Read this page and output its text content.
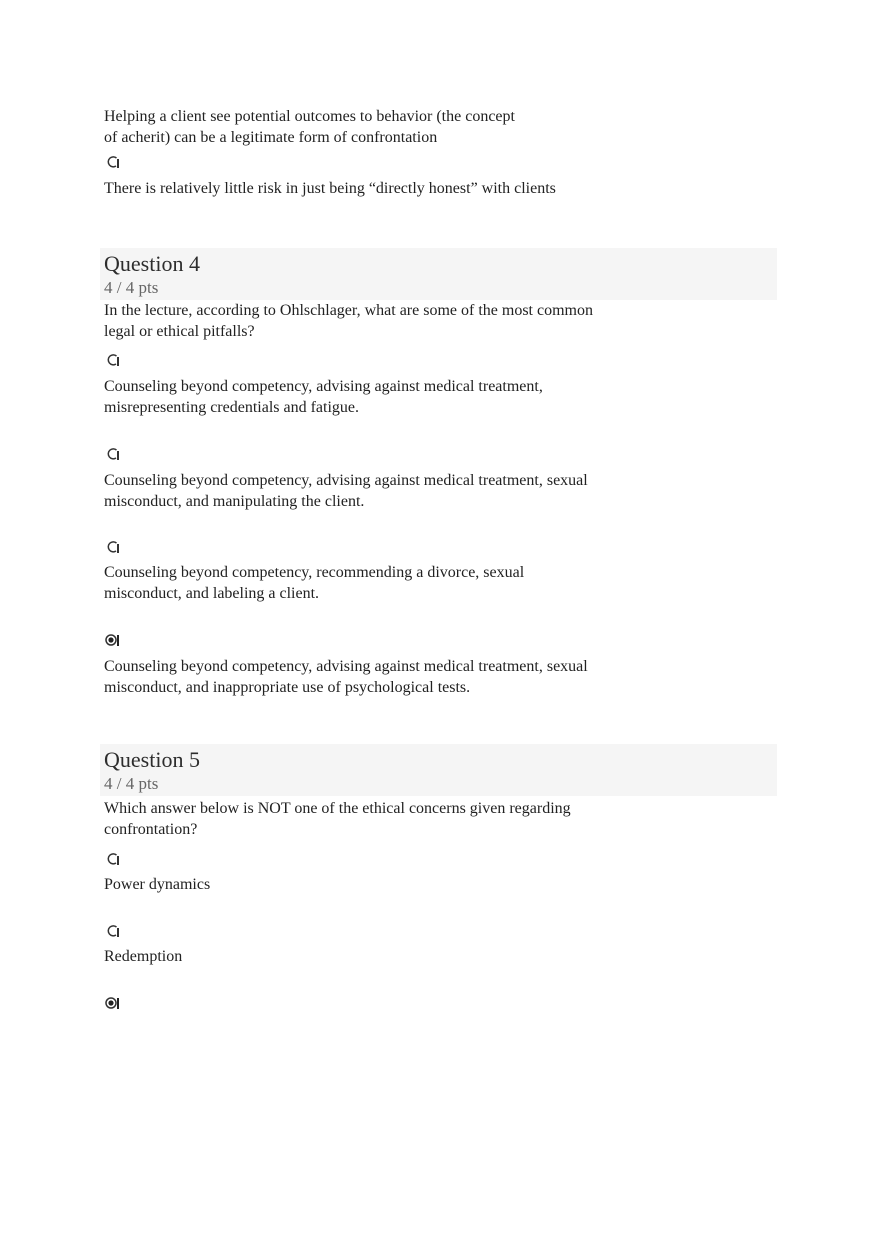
Helping a client see potential outcomes to behavior (the concept
of acherit) can be a legitimate form of confrontation
There is relatively little risk in just being “directly honest” with clients
Question 4
4 / 4 pts
In the lecture, according to Ohlschlager, what are some of the most common
legal or ethical pitfalls?
Counseling beyond competency, advising against medical treatment,
misrepresenting credentials and fatigue.
Counseling beyond competency, advising against medical treatment, sexual
misconduct, and manipulating the client.
Counseling beyond competency, recommending a divorce, sexual
misconduct, and labeling a client.
Counseling beyond competency, advising against medical treatment, sexual
misconduct, and inappropriate use of psychological tests.
Question 5
4 / 4 pts
Which answer below is NOT one of the ethical concerns given regarding
confrontation?
Power dynamics
Redemption
